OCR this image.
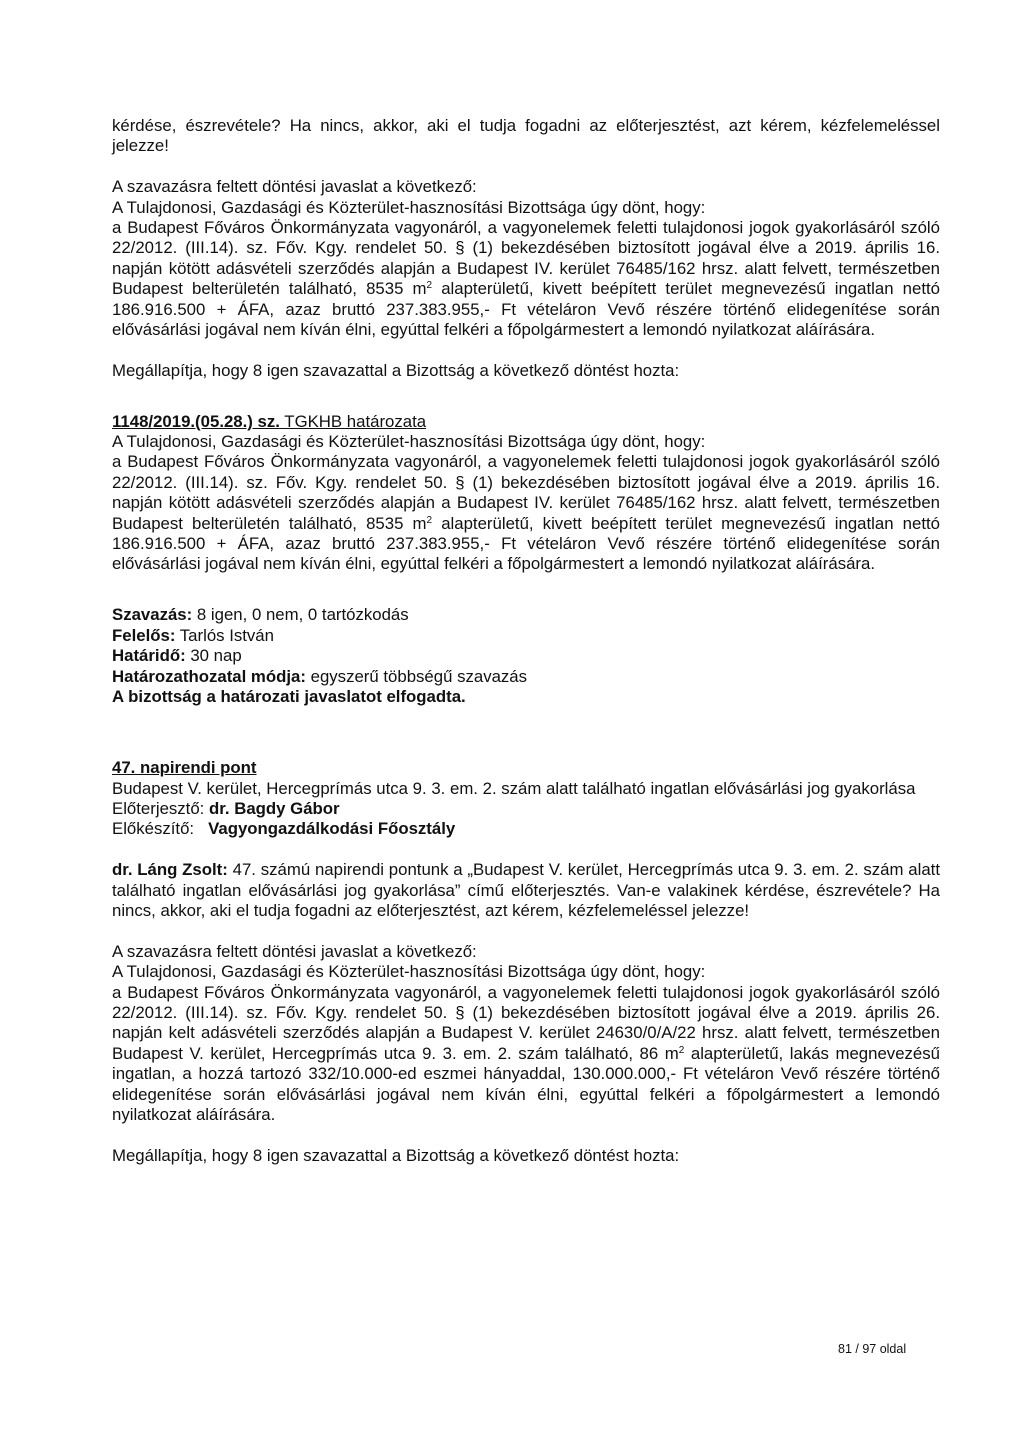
kérdése, észrevétele? Ha nincs, akkor, aki el tudja fogadni az előterjesztést, azt kérem, kézfelemeléssel jelezze!

A szavazásra feltett döntési javaslat a következő:

A Tulajdonosi, Gazdasági és Közterület-hasznosítási Bizottsága úgy dönt, hogy:

a Budapest Főváros Önkormányzata vagyonáról, a vagyonelemek feletti tulajdonosi jogok gyakorlásáról szóló 22/2012. (III.14). sz. Főv. Kgy. rendelet 50. § (1) bekezdésében biztosított jogával élve a 2019. április 16. napján kötött adásvételi szerződés alapján a Budapest IV. kerület 76485/162 hrsz. alatt felvett, természetben Budapest belterületén található, 8535 $m^2$ alapterületű, kivett beépített terület megnevezésű ingatlan nettó 186.916.500 + ÁFA, azaz bruttó 237.383.955,- Ft vételáron Vevő részére történő elidegenítése során elővásárlási jogával nem kíván élni, egyúttal felkéri a főpolgármestert a lemondó nyilatkozat aláírására.

Megállapítja, hogy 8 igen szavazattal a Bizottság a következő döntést hozta:

1148/2019.(05.28.) sz. TGKHB határozata

A Tulajdonosi, Gazdasági és Közterület-hasznosítási Bizottsága úgy dönt, hogy:

a Budapest Főváros Önkormányzata vagyonáról, a vagyonelemek feletti tulajdonosi jogok gyakorlásáról szóló 22/2012. (III.14). sz. Főv. Kgy. rendelet 50. § (1) bekezdésében biztosított jogával élve a 2019. április 16. napján kötött adásvételi szerződés alapján a Budapest IV. kerület 76485/162 hrsz. alatt felvett, természetben Budapest belterületén található, 8535 $m^2$ alapterületű, kivett beépített terület megnevezésű ingatlan nettó 186.916.500 + ÁFA, azaz bruttó 237.383.955,- Ft vételáron Vevő részére történő elidegenítése során elővásárlási jogával nem kíván élni, egyúttal felkéri a főpolgármestert a lemondó nyilatkozat aláírására.

Szavazás: 8 igen, 0 nem, 0 tartózkodás

Felelős: Tarlós István

Határidő: 30 nap

Határozathozatal módja: egyszerű többségű szavazás

A bizottság a határozati javaslatot elfogadta.

47. napirendi pont

Budapest V. kerület, Hercegprímás utca 9. 3. em. 2. szám alatt található ingatlan elővásárlási jog gyakorlása

Előterjesztő: dr. Bagdy Gábor

Előkészítő: Vagyongazdálkodási Főosztály

dr. Láng Zsolt: 47. számú napirendi pontunk a „Budapest V. kerület, Hercegprímás utca 9. 3. em. 2. szám alatt található ingatlan elővásárlási jog gyakorlása” című előterjesztés. Van-e valakinek kérdése, észrevétele? Ha nincs, akkor, aki el tudja fogadni az előterjesztést, azt kérem, kézfelemeléssel jelezze!

A szavazásra feltett döntési javaslat a következő:

A Tulajdonosi, Gazdasági és Közterület-hasznosítási Bizottsága úgy dönt, hogy:

a Budapest Főváros Önkormányzata vagyonáról, a vagyonelemek feletti tulajdonosi jogok gyakorlásáról szóló 22/2012. (III.14). sz. Főv. Kgy. rendelet 50. § (1) bekezdésében biztosított jogával élve a 2019. április 26. napján kelt adásvételi szerződés alapján a Budapest V. kerület 24630/0/A/22 hrsz. alatt felvett, természetben Budapest V. kerület, Hercegprímás utca 9. 3. em. 2. szám található, 86 $m^2$ alapterületű, lakás megnevezésű ingatlan, a hozzá tartozó 332/10.000-ed eszmei hányaddal, 130.000.000,- Ft vételáron Vevő részére történő elidegenítése során elővásárlási jogával nem kíván élni, egyúttal felkéri a főpolgármestert a lemondó nyilatkozat aláírására.

Megállapítja, hogy 8 igen szavazattal a Bizottság a következő döntést hozta:

81 / 97 oldal
